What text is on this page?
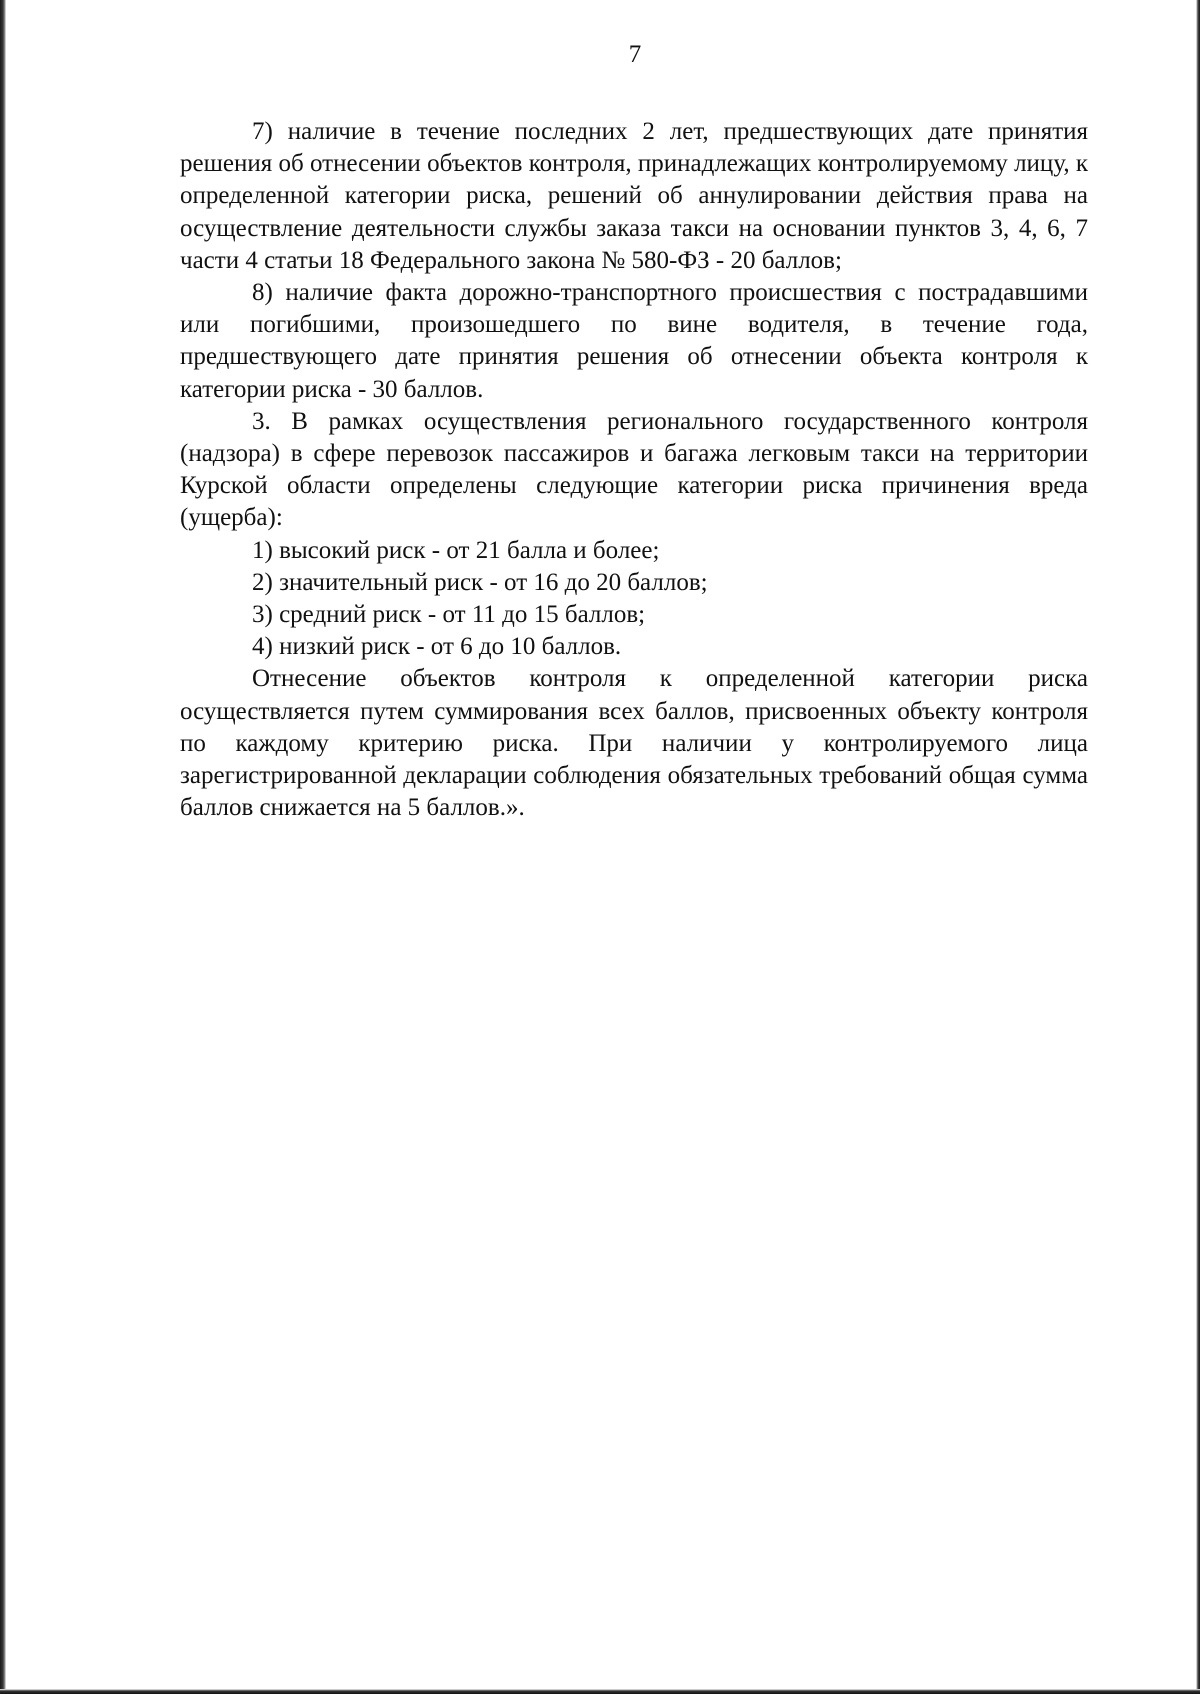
7

7) наличие в течение последних 2 лет, предшествующих дате принятия решения об отнесении объектов контроля, принадлежащих контролируемому лицу, к определенной категории риска, решений об аннулировании действия права на осуществление деятельности службы заказа такси на основании пунктов 3, 4, 6, 7 части 4 статьи 18 Федерального закона № 580-ФЗ - 20 баллов;

8) наличие факта дорожно-транспортного происшествия с пострадавшими или погибшими, произошедшего по вине водителя, в течение года, предшествующего дате принятия решения об отнесении объекта контроля к категории риска - 30 баллов.

3. В рамках осуществления регионального государственного контроля (надзора) в сфере перевозок пассажиров и багажа легковым такси на территории Курской области определены следующие категории риска причинения вреда (ущерба):

1) высокий риск - от 21 балла и более;
2) значительный риск - от 16 до 20 баллов;
3) средний риск - от 11 до 15 баллов;
4) низкий риск - от 6 до 10 баллов.

Отнесение объектов контроля к определенной категории риска осуществляется путем суммирования всех баллов, присвоенных объекту контроля по каждому критерию риска. При наличии у контролируемого лица зарегистрированной декларации соблюдения обязательных требований общая сумма баллов снижается на 5 баллов.».
